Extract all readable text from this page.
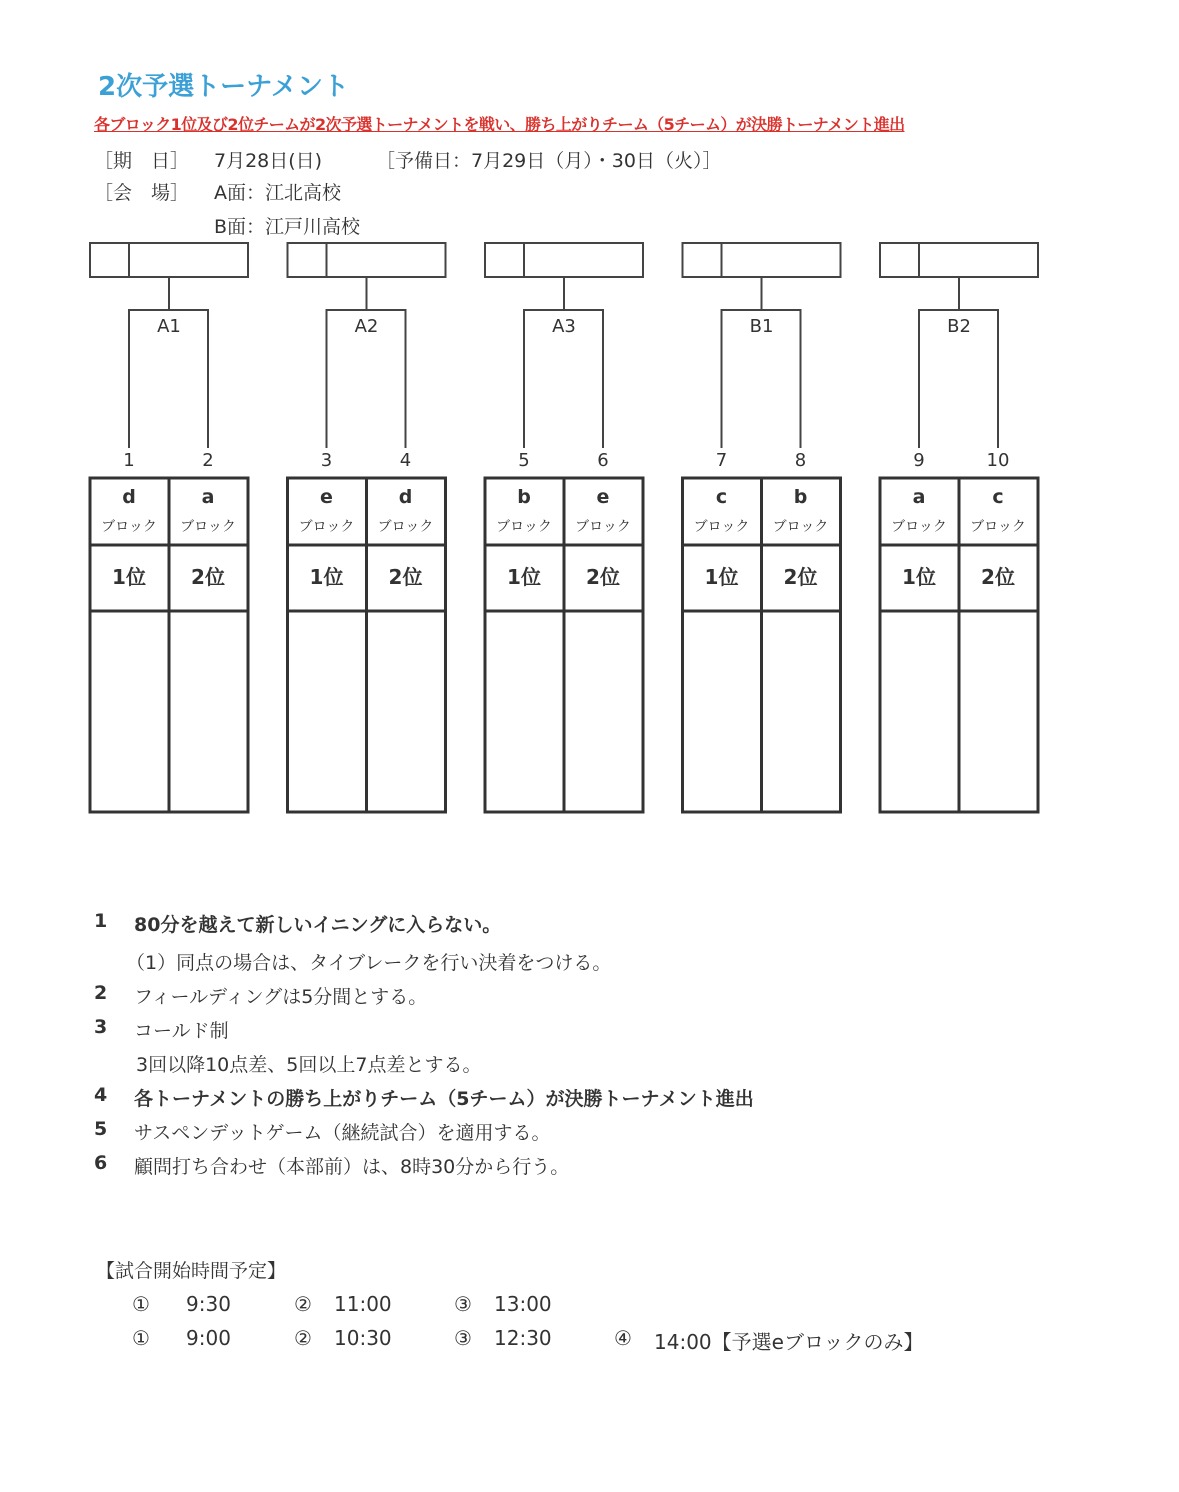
2次予選トーナメント
各ブロック1位及び2位チームが2次予選トーナメントを戦い、勝ち上がりチーム（5チーム）が決勝トーナメント進出
［期　日］ 7月28日(日)	［予備日：7月29日（月）・30日（火）］
［会　場］ A面：江北高校
B面：江戸川高校
A1
1	2
d
ブロック
1位
a
ブロック
2位
A2
3	4
e
ブロック
1位
d
ブロック
2位
A3
5	6
b
ブロック
1位
e
ブロック
2位
B1
7	8
c
ブロック
1位
b
ブロック
2位
B2
9	10
a
ブロック
1位
c
ブロック
2位
1 80分を越えて新しいイニングに入らない。
（1）同点の場合は、タイブレークを行い決着をつける。
2 フィールディングは5分間とする。
3 コールド制
3回以降10点差、5回以上7点差とする。
4 各トーナメントの勝ち上がりチーム（5チーム）が決勝トーナメント進出
5 サスペンデットゲーム（継続試合）を適用する。
6 顧問打ち合わせ（本部前）は、8時30分から行う。
【試合開始時間予定】
① 9:30	② 11:00	③ 13:00
① 9:00	② 10:30	③ 12:30	④ 14:00【予選eブロックのみ】
